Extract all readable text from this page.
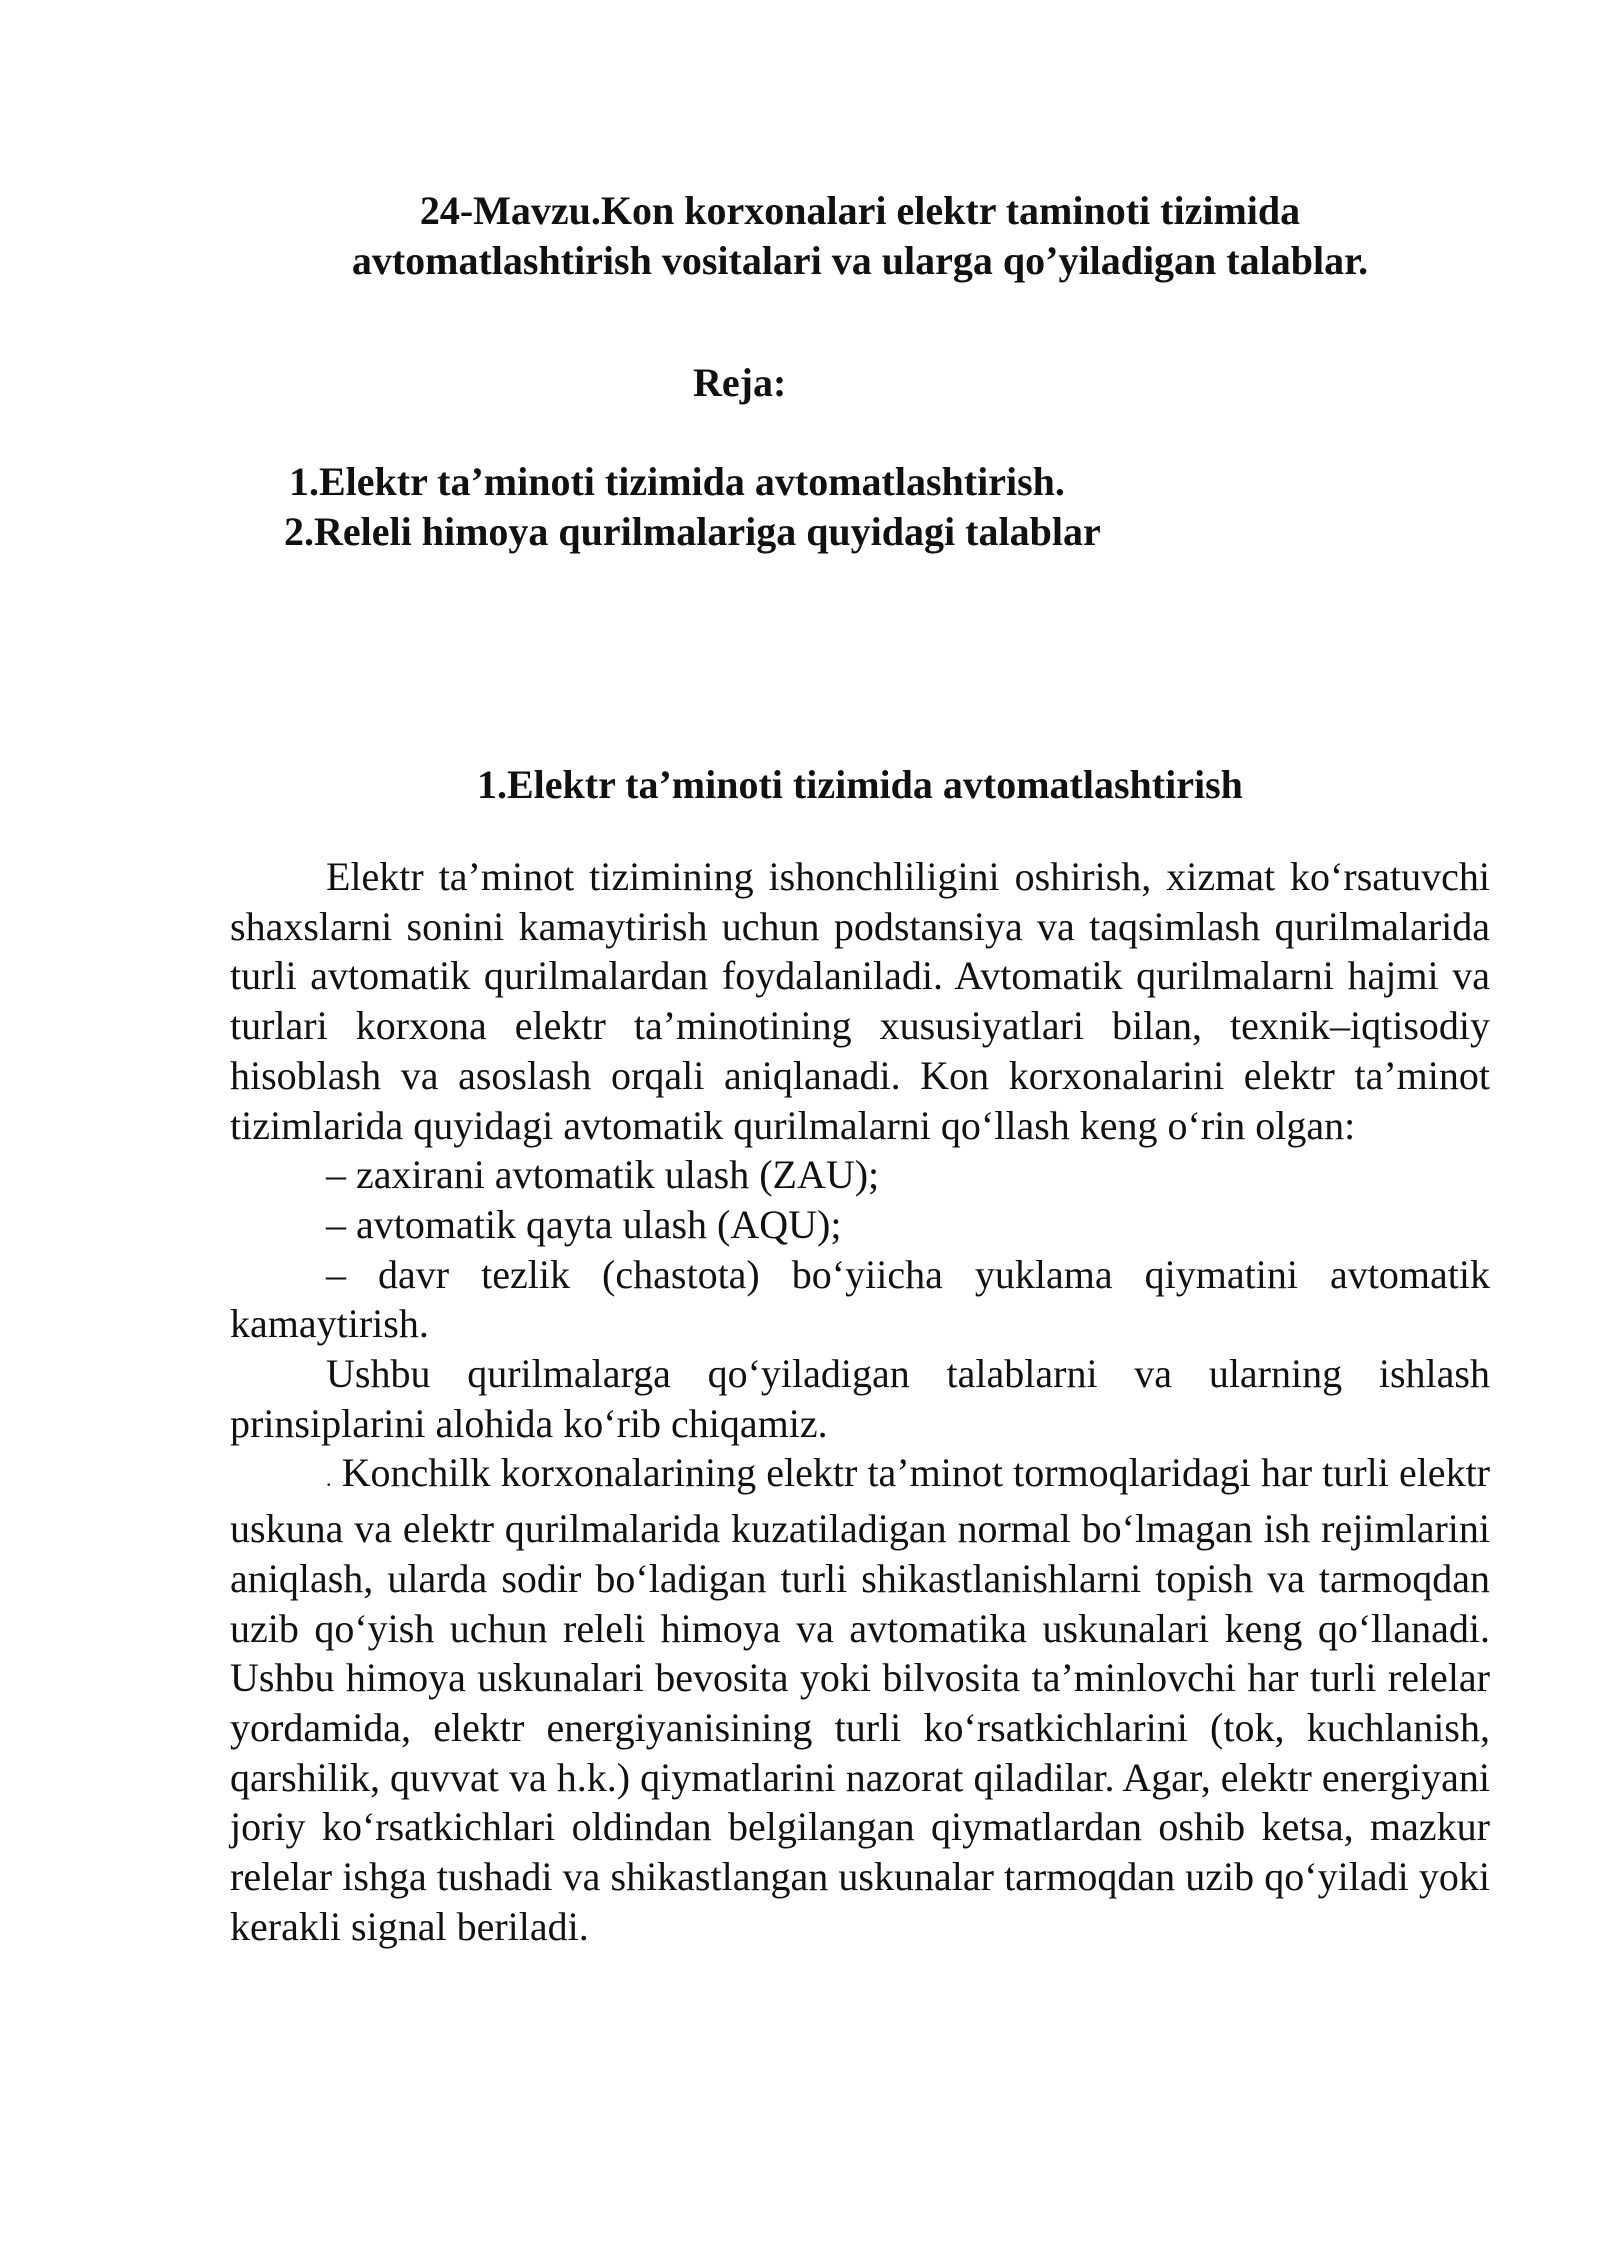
24-Mavzu.Kon korxonalari elektr taminoti tizimida
avtomatlashtirish vositalari va ularga qo’yiladigan talablar.
Reja:
1.Elektr ta’minoti tizimida avtomatlashtirish.
2.Releli himoya qurilmalariga quyidagi talablar
1.Elektr ta’minoti tizimida avtomatlashtirish

Elektr ta’minot tizimining ishonchliligini oshirish, xizmat ko‘rsatuvchi shaxslarni sonini kamaytirish uchun podstansiya va taqsimlash qurilmalarida turli avtomatik qurilmalardan foydalaniladi. Avtomatik qurilmalarni hajmi va turlari korxona elektr ta’minotining xususiyatlari bilan, texnik–iqtisodiy hisoblash va asoslash orqali aniqlanadi. Kon korxonalarini elektr ta’minot tizimlarida quyidagi avtomatik qurilmalarni qo‘llash keng o‘rin olgan:

– zaxirani avtomatik ulash (ZAU);

– avtomatik qayta ulash (AQU);

– davr tezlik (chastota) bo‘yiicha yuklama qiymatini avtomatik kamaytirish.

Ushbu qurilmalarga qo‘yiladigan talablarni va ularning ishlash prinsiplarini alohida ko‘rib chiqamiz.

. Konchilk korxonalarining elektr ta’minot tormoqlaridagi har turli elektr uskuna va elektr qurilmalarida kuzatiladigan normal bo‘lmagan ish rejimlarini aniqlash, ularda sodir bo‘ladigan turli shikastlanishlarni topish va tarmoqdan uzib qo‘yish uchun releli himoya va avtomatika uskunalari keng qo‘llanadi. Ushbu himoya uskunalari bevosita yoki bilvosita ta’minlovchi har turli relelar yordamida, elektr energiyanisining turli ko‘rsatkichlarini (tok, kuchlanish, qarshilik, quvvat va h.k.) qiymatlarini nazorat qiladilar. Agar, elektr energiyani joriy ko‘rsatkichlari oldindan belgilangan qiymatlardan oshib ketsa, mazkur relelar ishga tushadi va shikastlangan uskunalar tarmoqdan uzib qo‘yiladi yoki kerakli signal beriladi.
